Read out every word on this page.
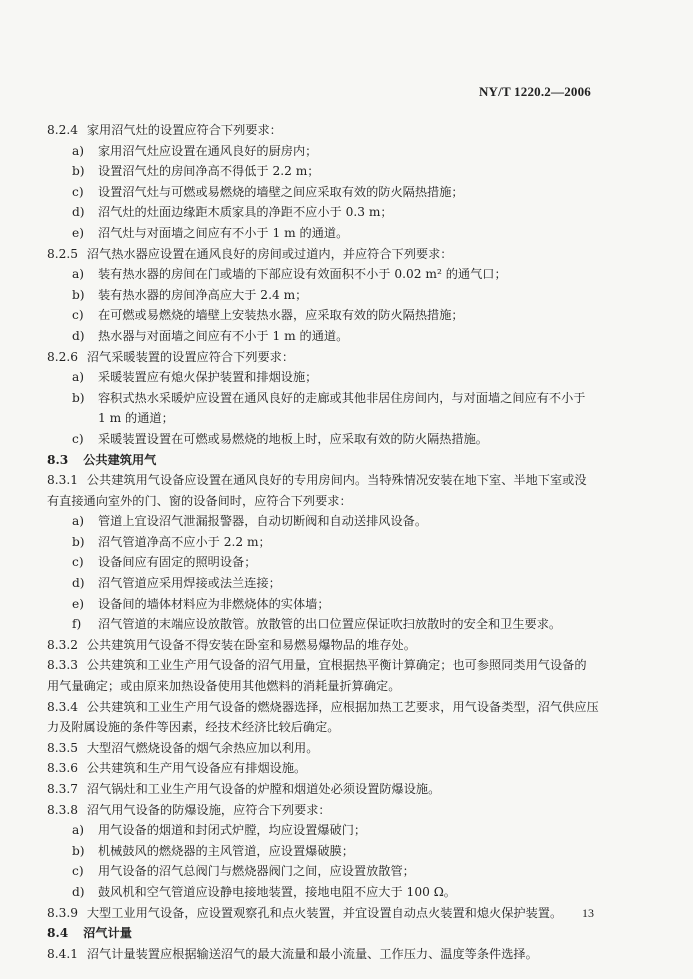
NY/T 1220.2—2006
8.2.4 家用沼气灶的设置应符合下列要求：
a) 家用沼气灶应设置在通风良好的厨房内；
b) 设置沼气灶的房间净高不得低于 2.2 m；
c) 设置沼气灶与可燃或易燃烧的墙壁之间应采取有效的防火隔热措施；
d) 沼气灶的灶面边缘距木质家具的净距不应小于 0.3 m；
e) 沼气灶与对面墙之间应有不小于 1 m 的通道。
8.2.5 沼气热水器应设置在通风良好的房间或过道内，并应符合下列要求：
a) 装有热水器的房间在门或墙的下部应设有效面积不小于 0.02 m² 的通气口；
b) 装有热水器的房间净高应大于 2.4 m；
c) 在可燃或易燃烧的墙壁上安装热水器，应采取有效的防火隔热措施；
d) 热水器与对面墙之间应有不小于 1 m 的通道。
8.2.6 沼气采暖装置的设置应符合下列要求：
a) 采暖装置应有熄火保护装置和排烟设施；
b) 容积式热水采暖炉应设置在通风良好的走廊或其他非居住房间内，与对面墙之间应有不小于
1 m 的通道；
c) 采暖装置设置在可燃或易燃烧的地板上时，应采取有效的防火隔热措施。
8.3 公共建筑用气
8.3.1 公共建筑用气设备应设置在通风良好的专用房间内。当特殊情况安装在地下室、半地下室或没
有直接通向室外的门、窗的设备间时，应符合下列要求：
a) 管道上宜设沼气泄漏报警器，自动切断阀和自动送排风设备。
b) 沼气管道净高不应小于 2.2 m；
c) 设备间应有固定的照明设备；
d) 沼气管道应采用焊接或法兰连接；
e) 设备间的墙体材料应为非燃烧体的实体墙；
f) 沼气管道的末端应设放散管。放散管的出口位置应保证吹扫放散时的安全和卫生要求。
8.3.2 公共建筑用气设备不得安装在卧室和易燃易爆物品的堆存处。
8.3.3 公共建筑和工业生产用气设备的沼气用量，宜根据热平衡计算确定；也可参照同类用气设备的
用气量确定；或由原来加热设备使用其他燃料的消耗量折算确定。
8.3.4 公共建筑和工业生产用气设备的燃烧器选择，应根据加热工艺要求，用气设备类型，沼气供应压
力及附属设施的条件等因素，经技术经济比较后确定。
8.3.5 大型沼气燃烧设备的烟气余热应加以利用。
8.3.6 公共建筑和生产用气设备应有排烟设施。
8.3.7 沼气锅灶和工业生产用气设备的炉膛和烟道处必须设置防爆设施。
8.3.8 沼气用气设备的防爆设施，应符合下列要求：
a) 用气设备的烟道和封闭式炉膛，均应设置爆破门；
b) 机械鼓风的燃烧器的主风管道，应设置爆破膜；
c) 用气设备的沼气总阀门与燃烧器阀门之间，应设置放散管；
d) 鼓风机和空气管道应设静电接地装置，接地电阻不应大于 100 Ω。
8.3.9 大型工业用气设备，应设置观察孔和点火装置，并宜设置自动点火装置和熄火保护装置。
8.4 沼气计量
8.4.1 沼气计量装置应根据输送沼气的最大流量和最小流量、工作压力、温度等条件选择。
13
